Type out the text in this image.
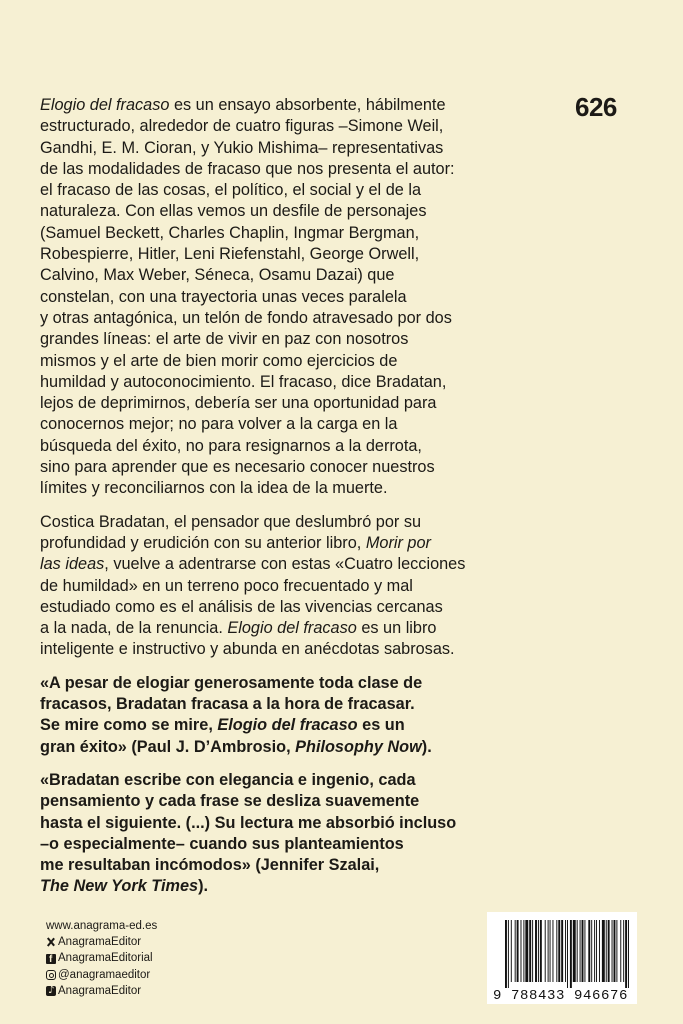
626
Elogio del fracaso es un ensayo absorbente, hábilmente
estructurado, alrededor de cuatro figuras –Simone Weil,
Gandhi, E. M. Cioran, y Yukio Mishima– representativas
de las modalidades de fracaso que nos presenta el autor:
el fracaso de las cosas, el político, el social y el de la
naturaleza. Con ellas vemos un desfile de personajes
(Samuel Beckett, Charles Chaplin, Ingmar Bergman,
Robespierre, Hitler, Leni Riefenstahl, George Orwell,
Calvino, Max Weber, Séneca, Osamu Dazai) que
constelan, con una trayectoria unas veces paralela
y otras antagónica, un telón de fondo atravesado por dos
grandes líneas: el arte de vivir en paz con nosotros
mismos y el arte de bien morir como ejercicios de
humildad y autoconocimiento. El fracaso, dice Bradatan,
lejos de deprimirnos, debería ser una oportunidad para
conocernos mejor; no para volver a la carga en la
búsqueda del éxito, no para resignarnos a la derrota,
sino para aprender que es necesario conocer nuestros
límites y reconciliarnos con la idea de la muerte.
Costica Bradatan, el pensador que deslumbró por su
profundidad y erudición con su anterior libro, Morir por
las ideas, vuelve a adentrarse con estas «Cuatro lecciones
de humildad» en un terreno poco frecuentado y mal
estudiado como es el análisis de las vivencias cercanas
a la nada, de la renuncia. Elogio del fracaso es un libro
inteligente e instructivo y abunda en anécdotas sabrosas.
«A pesar de elogiar generosamente toda clase de
fracasos, Bradatan fracasa a la hora de fracasar.
Se mire como se mire, Elogio del fracaso es un
gran éxito» (Paul J. D’Ambrosio, Philosophy Now).
«Bradatan escribe con elegancia e ingenio, cada
pensamiento y cada frase se desliza suavemente
hasta el siguiente. (...) Su lectura me absorbió incluso
–o especialmente– cuando sus planteamientos
me resultaban incómodos» (Jennifer Szalai,
The New York Times).
www.anagrama-ed.es
AnagramaEditor
f
AnagramaEditorial
@anagramaeditor
♪
AnagramaEditor	9 788433 946676
